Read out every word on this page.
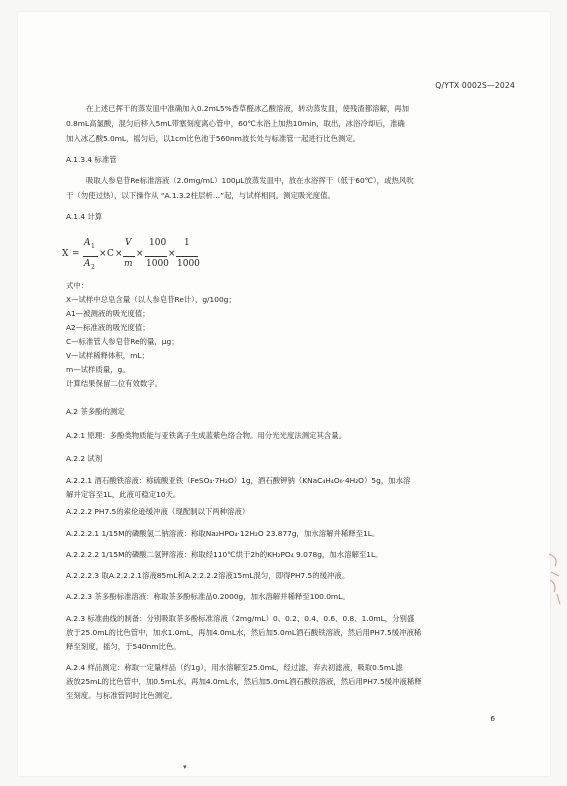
Q/YTX 0002S—2024
在上述已挥干的蒸发皿中准确加入0.2mL5%香草醛冰乙酸溶液，转动蒸发皿，使残渣都溶解，再加
0.8mL高氯酸，混匀后移入5mL带塞刻度离心管中，60℃水浴上加热10min，取出，冰浴冷却后，准确
加入冰乙酸5.0mL，摇匀后，以1cm比色池于560nm波长处与标准管一起进行比色测定。
A.1.3.4 标准管
吸取人参皂苷Re标准溶液（2.0mg/mL）100μL放蒸发皿中，放在水浴挥干（低于60℃），或热风吹
干（勿使过热），以下操作从 “A.1.3.2柱层析…”起，与试样相同。测定吸光度值。
A.1.4 计算
X =
A 1
A 2
× C ×
V
m
×
100
1000
×
1
1000
式中：
X—试样中总皂含量（以人参皂苷Re计），g/100g；
A1—被测液的吸光度值；
A2—标准液的吸光度值；
C—标准管人参皂苷Re的量，μg；
V—试样稀释体积，mL；
m—试样质量，g。
计算结果保留二位有效数字。
A.2 茶多酚的测定
A.2.1 原理：多酚类物质能与亚铁离子生成蓝紫色络合物。用分光光度法测定其含量。
A.2.2 试剂
A.2.2.1 酒石酸铁溶液：称硫酸亚铁（FeSO₄·7H₂O）1g，酒石酸钾钠（KNaC₄H₄O₆·4H₂O）5g，加水溶
解并定容至1L，此液可稳定10天。
A.2.2.2 PH7.5的索伦逊缓冲液（现配制以下两种溶液）
A.2.2.2.1 1/15M的磷酸氢二钠溶液：称取Na₂HPO₄·12H₂O 23.877g，加水溶解并稀释至1L。
A.2.2.2.2 1/15M的磷酸二氢钾溶液：称取经110℃烘干2h的KH₂PO₄ 9.078g，加水溶解至1L。
A.2.2.2.3 取A.2.2.2.1溶液85mL和A.2.2.2.2溶液15mL混匀，即得PH7.5的缓冲液。
A.2.2.3 茶多酚标准溶液：称取茶多酚标准品0.2000g，加水溶解并稀释至100.0mL。
A.2.3 标准曲线的制备：分别吸取茶多酚标准溶液（2mg/mL）0、0.2、0.4、0.6、0.8、1.0mL，分别盛
放于25.0mL的比色管中，加水1.0mL，再加4.0mL水，然后加5.0mL酒石酸铁溶液，然后用PH7.5缓冲液稀
释至刻度，摇匀，于540nm比色。
A.2.4 样品测定：称取一定量样品（约1g），用水溶解至25.0mL，经过滤，弃去初滤液，吸取0.5mL滤
液放25mL的比色管中，加0.5mL水，再加4.0mL水，然后加5.0mL酒石酸铁溶液，然后用PH7.5缓冲液稀释
至刻度。与标准管同时比色测定。
6
▾
